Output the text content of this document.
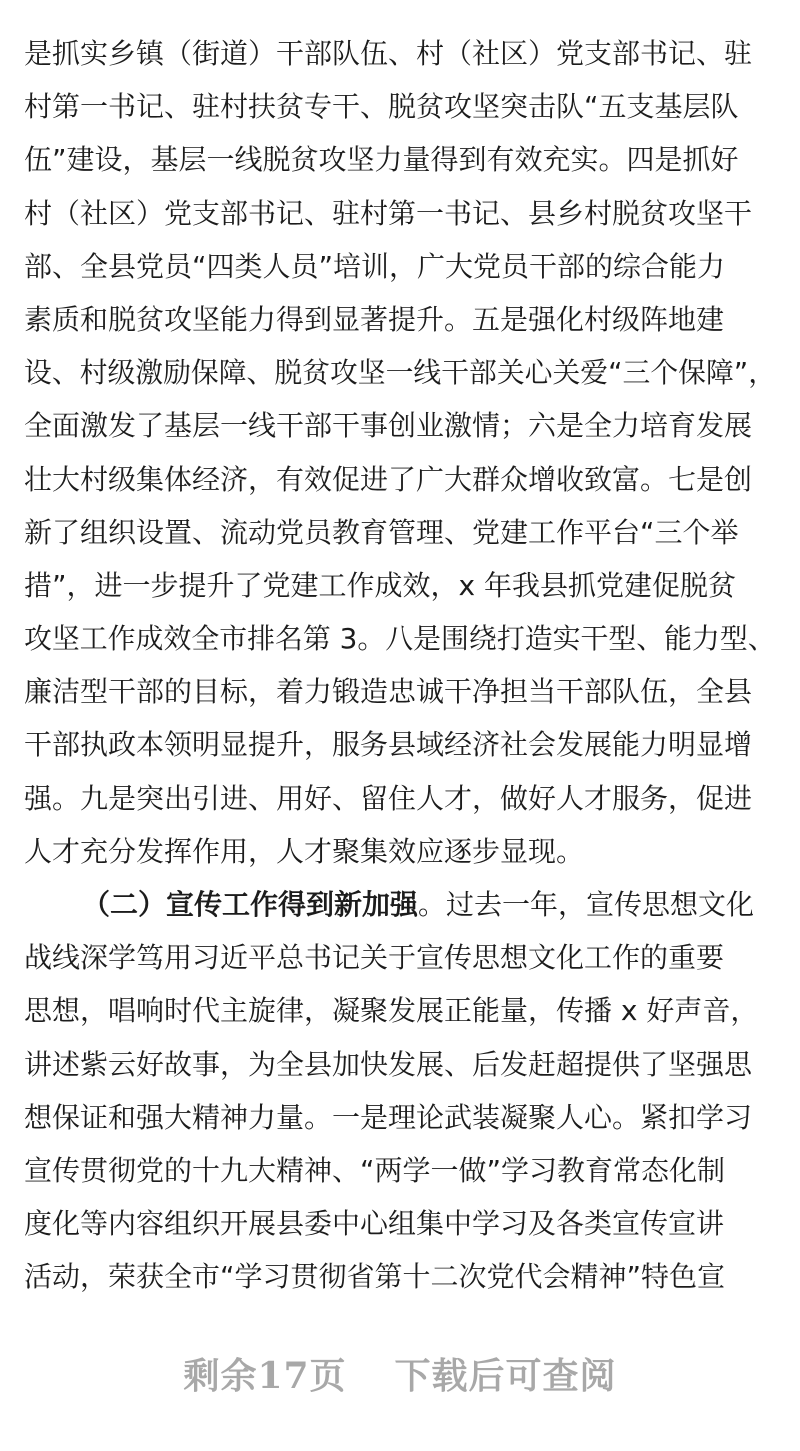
是抓实乡镇（街道）干部队伍、村（社区）党支部书记、驻
村第一书记、驻村扶贫专干、脱贫攻坚突击队“五支基层队
伍”建设，基层一线脱贫攻坚力量得到有效充实。四是抓好
村（社区）党支部书记、驻村第一书记、县乡村脱贫攻坚干
部、全县党员“四类人员”培训，广大党员干部的综合能力
素质和脱贫攻坚能力得到显著提升。五是强化村级阵地建
设、村级激励保障、脱贫攻坚一线干部关心关爱“三个保障”，
全面激发了基层一线干部干事创业激情；六是全力培育发展
壮大村级集体经济，有效促进了广大群众增收致富。七是创
新了组织设置、流动党员教育管理、党建工作平台“三个举
措”，进一步提升了党建工作成效，x 年我县抓党建促脱贫
攻坚工作成效全市排名第 3。八是围绕打造实干型、能力型、
廉洁型干部的目标，着力锻造忠诚干净担当干部队伍，全县
干部执政本领明显提升，服务县域经济社会发展能力明显增
强。九是突出引进、用好、留住人才，做好人才服务，促进
人才充分发挥作用，人才聚集效应逐步显现。
（二）宣传工作得到新加强。过去一年，宣传思想文化
战线深学笃用习近平总书记关于宣传思想文化工作的重要
思想，唱响时代主旋律，凝聚发展正能量，传播 x 好声音，
讲述紫云好故事，为全县加快发展、后发赶超提供了坚强思
想保证和强大精神力量。一是理论武装凝聚人心。紧扣学习
宣传贯彻党的十九大精神、“两学一做”学习教育常态化制
度化等内容组织开展县委中心组集中学习及各类宣传宣讲
活动，荣获全市“学习贯彻省第十二次党代会精神”特色宣
剩余17页 下载后可查阅
